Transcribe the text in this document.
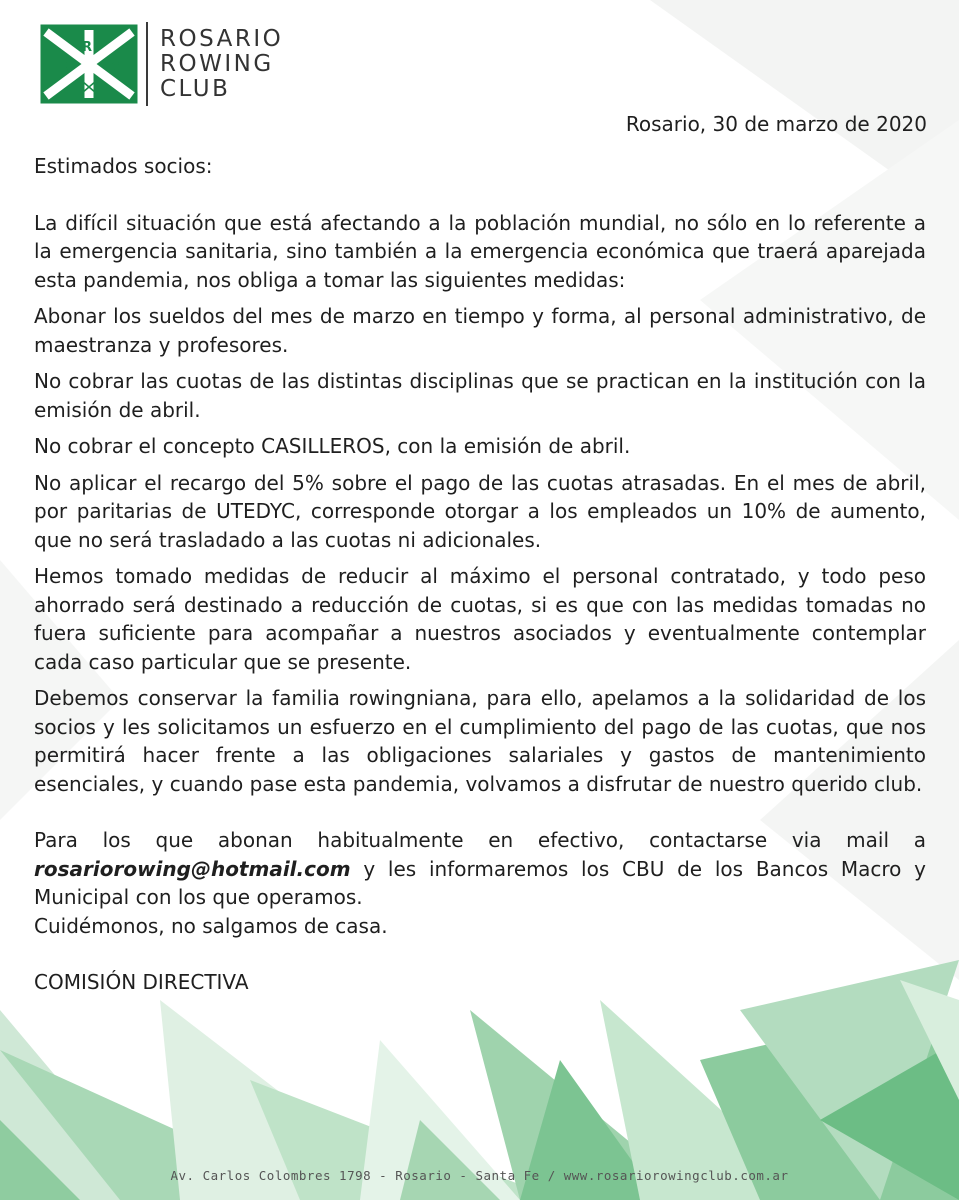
R
R	C
ROSARIO
ROWING
CLUB
Rosario, 30 de marzo de 2020

Estimados socios:

La difícil situación que está afectando a la población mundial, no sólo en lo referente a la emergencia sanitaria, sino también a la emergencia económica que traerá aparejada esta pandemia, nos obliga a tomar las siguientes medidas:

Abonar los sueldos del mes de marzo en tiempo y forma, al personal administrativo, de maestranza y profesores.

No cobrar las cuotas de las distintas disciplinas que se practican en la institución con la emisión de abril.

No cobrar el concepto CASILLEROS, con la emisión de abril.

No aplicar el recargo del 5% sobre el pago de las cuotas atrasadas. En el mes de abril, por paritarias de UTEDYC, corresponde otorgar a los empleados un 10% de aumento, que no será trasladado a las cuotas ni adicionales.

Hemos tomado medidas de reducir al máximo el personal contratado, y todo peso ahorrado será destinado a reducción de cuotas, si es que con las medidas tomadas no fuera suficiente para acompañar a nuestros asociados y eventualmente contemplar cada caso particular que se presente.

Debemos conservar la familia rowingniana, para ello, apelamos a la solidaridad de los socios y les solicitamos un esfuerzo en el cumplimiento del pago de las cuotas, que nos permitirá hacer frente a las obligaciones salariales y gastos de mantenimiento esenciales, y cuando pase esta pandemia, volvamos a disfrutar de nuestro querido club.

Para los que abonan habitualmente en efectivo, contactarse via mail a rosariorowing@hotmail.com y les informaremos los CBU de los Bancos Macro y Municipal con los que operamos.

Cuidémonos, no salgamos de casa.

COMISIÓN DIRECTIVA

Av. Carlos Colombres 1798 - Rosario - Santa Fe / www.rosariorowingclub.com.ar
